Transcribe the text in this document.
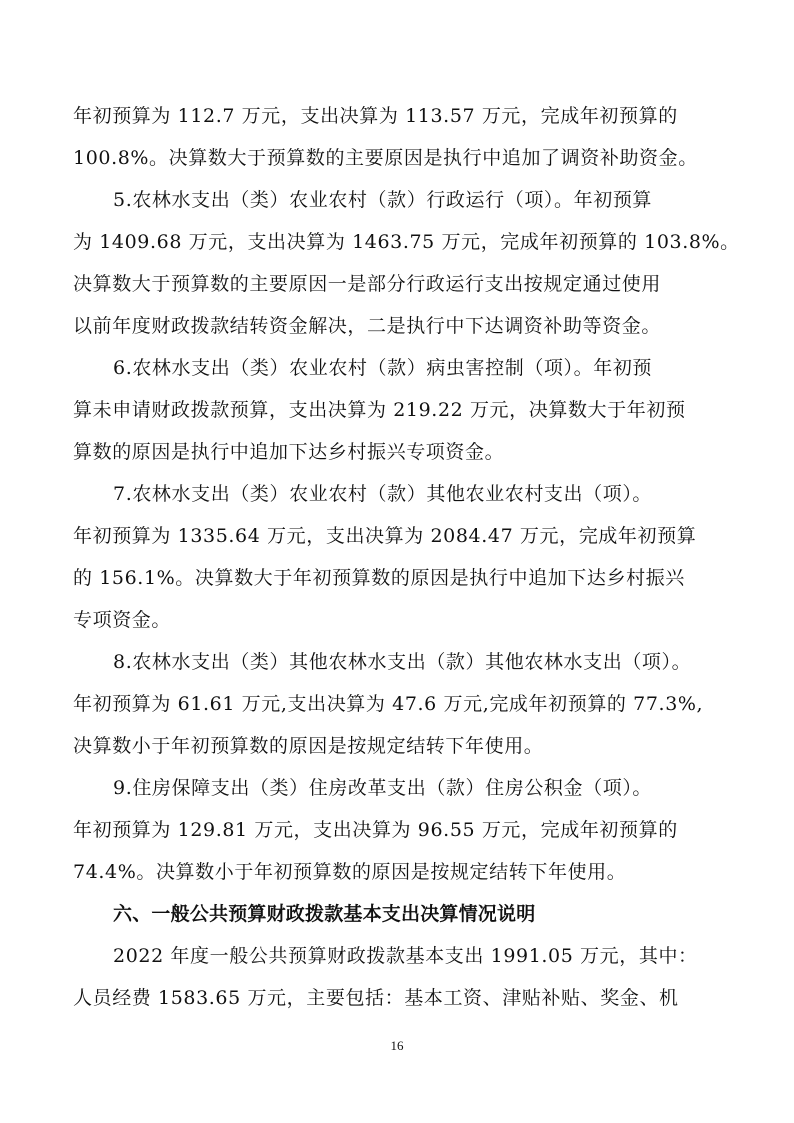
年初预算为 112.7 万元，支出决算为 113.57 万元，完成年初预算的
100.8%。决算数大于预算数的主要原因是执行中追加了调资补助资金。
5.农林水支出（类）农业农村（款）行政运行（项）。年初预算
为 1409.68 万元，支出决算为 1463.75 万元，完成年初预算的 103.8%。
决算数大于预算数的主要原因一是部分行政运行支出按规定通过使用
以前年度财政拨款结转资金解决，二是执行中下达调资补助等资金。
6.农林水支出（类）农业农村（款）病虫害控制（项）。年初预
算未申请财政拨款预算，支出决算为 219.22 万元，决算数大于年初预
算数的原因是执行中追加下达乡村振兴专项资金。
7.农林水支出（类）农业农村（款）其他农业农村支出（项）。
年初预算为 1335.64 万元，支出决算为 2084.47 万元，完成年初预算
的 156.1%。决算数大于年初预算数的原因是执行中追加下达乡村振兴
专项资金。
8.农林水支出（类）其他农林水支出（款）其他农林水支出（项）。
年初预算为 61.61 万元,支出决算为 47.6 万元,完成年初预算的 77.3%,
决算数小于年初预算数的原因是按规定结转下年使用。
9.住房保障支出（类）住房改革支出（款）住房公积金（项）。
年初预算为 129.81 万元，支出决算为 96.55 万元，完成年初预算的
74.4%。决算数小于年初预算数的原因是按规定结转下年使用。
六、一般公共预算财政拨款基本支出决算情况说明
2022 年度一般公共预算财政拨款基本支出 1991.05 万元，其中：
人员经费 1583.65 万元，主要包括：基本工资、津贴补贴、奖金、机
16
